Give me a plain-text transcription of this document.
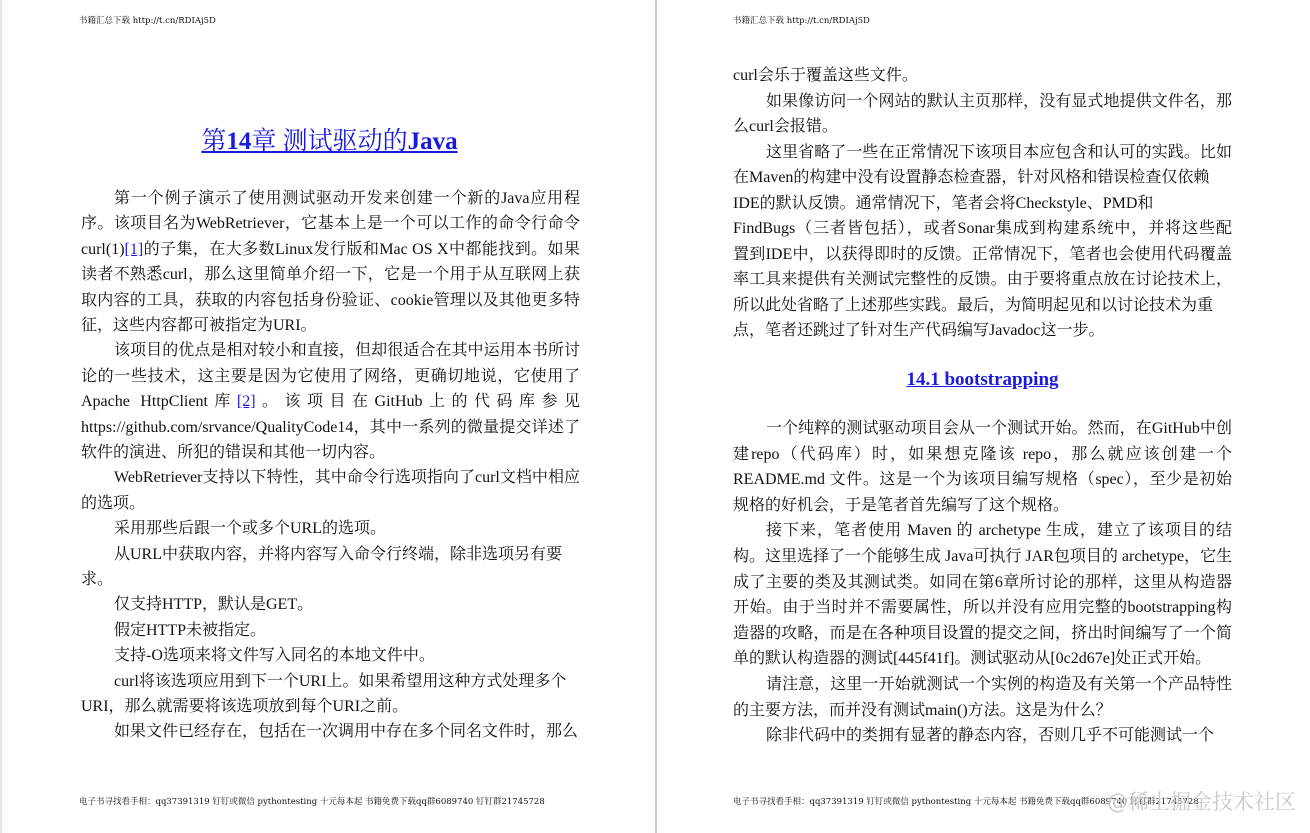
书籍汇总下载 http://t.cn/RDIAj5D
第14章 测试驱动的Java
第一个例子演示了使用测试驱动开发来创建一个新的Java应用程
序。该项目名为WebRetriever，它基本上是一个可以工作的命令行命令
curl(1)[1]的子集，在大多数Linux发行版和Mac OS X中都能找到。如果
读者不熟悉curl，那么这里简单介绍一下，它是一个用于从互联网上获
取内容的工具，获取的内容包括身份验证、cookie管理以及其他更多特
征，这些内容都可被指定为URI。
该项目的优点是相对较小和直接，但却很适合在其中运用本书所讨
论的一些技术，这主要是因为它使用了网络，更确切地说，它使用了
Apache HttpClient库[2]。该项目在GitHub上的代码库参见
https://github.com/srvance/QualityCode14，其中一系列的微量提交详述了
软件的演进、所犯的错误和其他一切内容。
WebRetriever支持以下特性，其中命令行选项指向了curl文档中相应
的选项。
采用那些后跟一个或多个URL的选项。
从URL中获取内容，并将内容写入命令行终端，除非选项另有要
求。
仅支持HTTP，默认是GET。
假定HTTP未被指定。
支持-O选项来将文件写入同名的本地文件中。
curl将该选项应用到下一个URI上。如果希望用这种方式处理多个
URI，那么就需要将该选项放到每个URI之前。
如果文件已经存在，包括在一次调用中存在多个同名文件时，那么
电子书寻找看手相：qq37391319 钉钉或微信 pythontesting 十元每本起 书籍免费下载qq群6089740 钉钉群21745728
书籍汇总下载 http://t.cn/RDIAj5D
curl会乐于覆盖这些文件。
如果像访问一个网站的默认主页那样，没有显式地提供文件名，那
么curl会报错。
这里省略了一些在正常情况下该项目本应包含和认可的实践。比如
在Maven的构建中没有设置静态检查器，针对风格和错误检查仅依赖
IDE的默认反馈。通常情况下，笔者会将Checkstyle、PMD和
FindBugs（三者皆包括），或者Sonar集成到构建系统中，并将这些配
置到IDE中，以获得即时的反馈。正常情况下，笔者也会使用代码覆盖
率工具来提供有关测试完整性的反馈。由于要将重点放在讨论技术上，
所以此处省略了上述那些实践。最后，为简明起见和以讨论技术为重
点，笔者还跳过了针对生产代码编写Javadoc这一步。
14.1 bootstrapping
一个纯粹的测试驱动项目会从一个测试开始。然而，在GitHub中创
建repo（代码库）时，如果想克隆该 repo，那么就应该创建一个
README.md 文件。这是一个为该项目编写规格（spec），至少是初始
规格的好机会，于是笔者首先编写了这个规格。
接下来，笔者使用 Maven 的 archetype 生成，建立了该项目的结
构。这里选择了一个能够生成 Java可执行 JAR包项目的 archetype，它生
成了主要的类及其测试类。如同在第6章所讨论的那样，这里从构造器
开始。由于当时并不需要属性，所以并没有应用完整的bootstrapping构
造器的攻略，而是在各种项目设置的提交之间，挤出时间编写了一个简
单的默认构造器的测试[445f41f]。测试驱动从[0c2d67e]处正式开始。
请注意，这里一开始就测试一个实例的构造及有关第一个产品特性
的主要方法，而并没有测试main()方法。这是为什么？
除非代码中的类拥有显著的静态内容，否则几乎不可能测试一个
电子书寻找看手相：qq37391319 钉钉或微信 pythontesting 十元每本起 书籍免费下载qq群6089740 钉钉群21745728
@稀土掘金技术社区
